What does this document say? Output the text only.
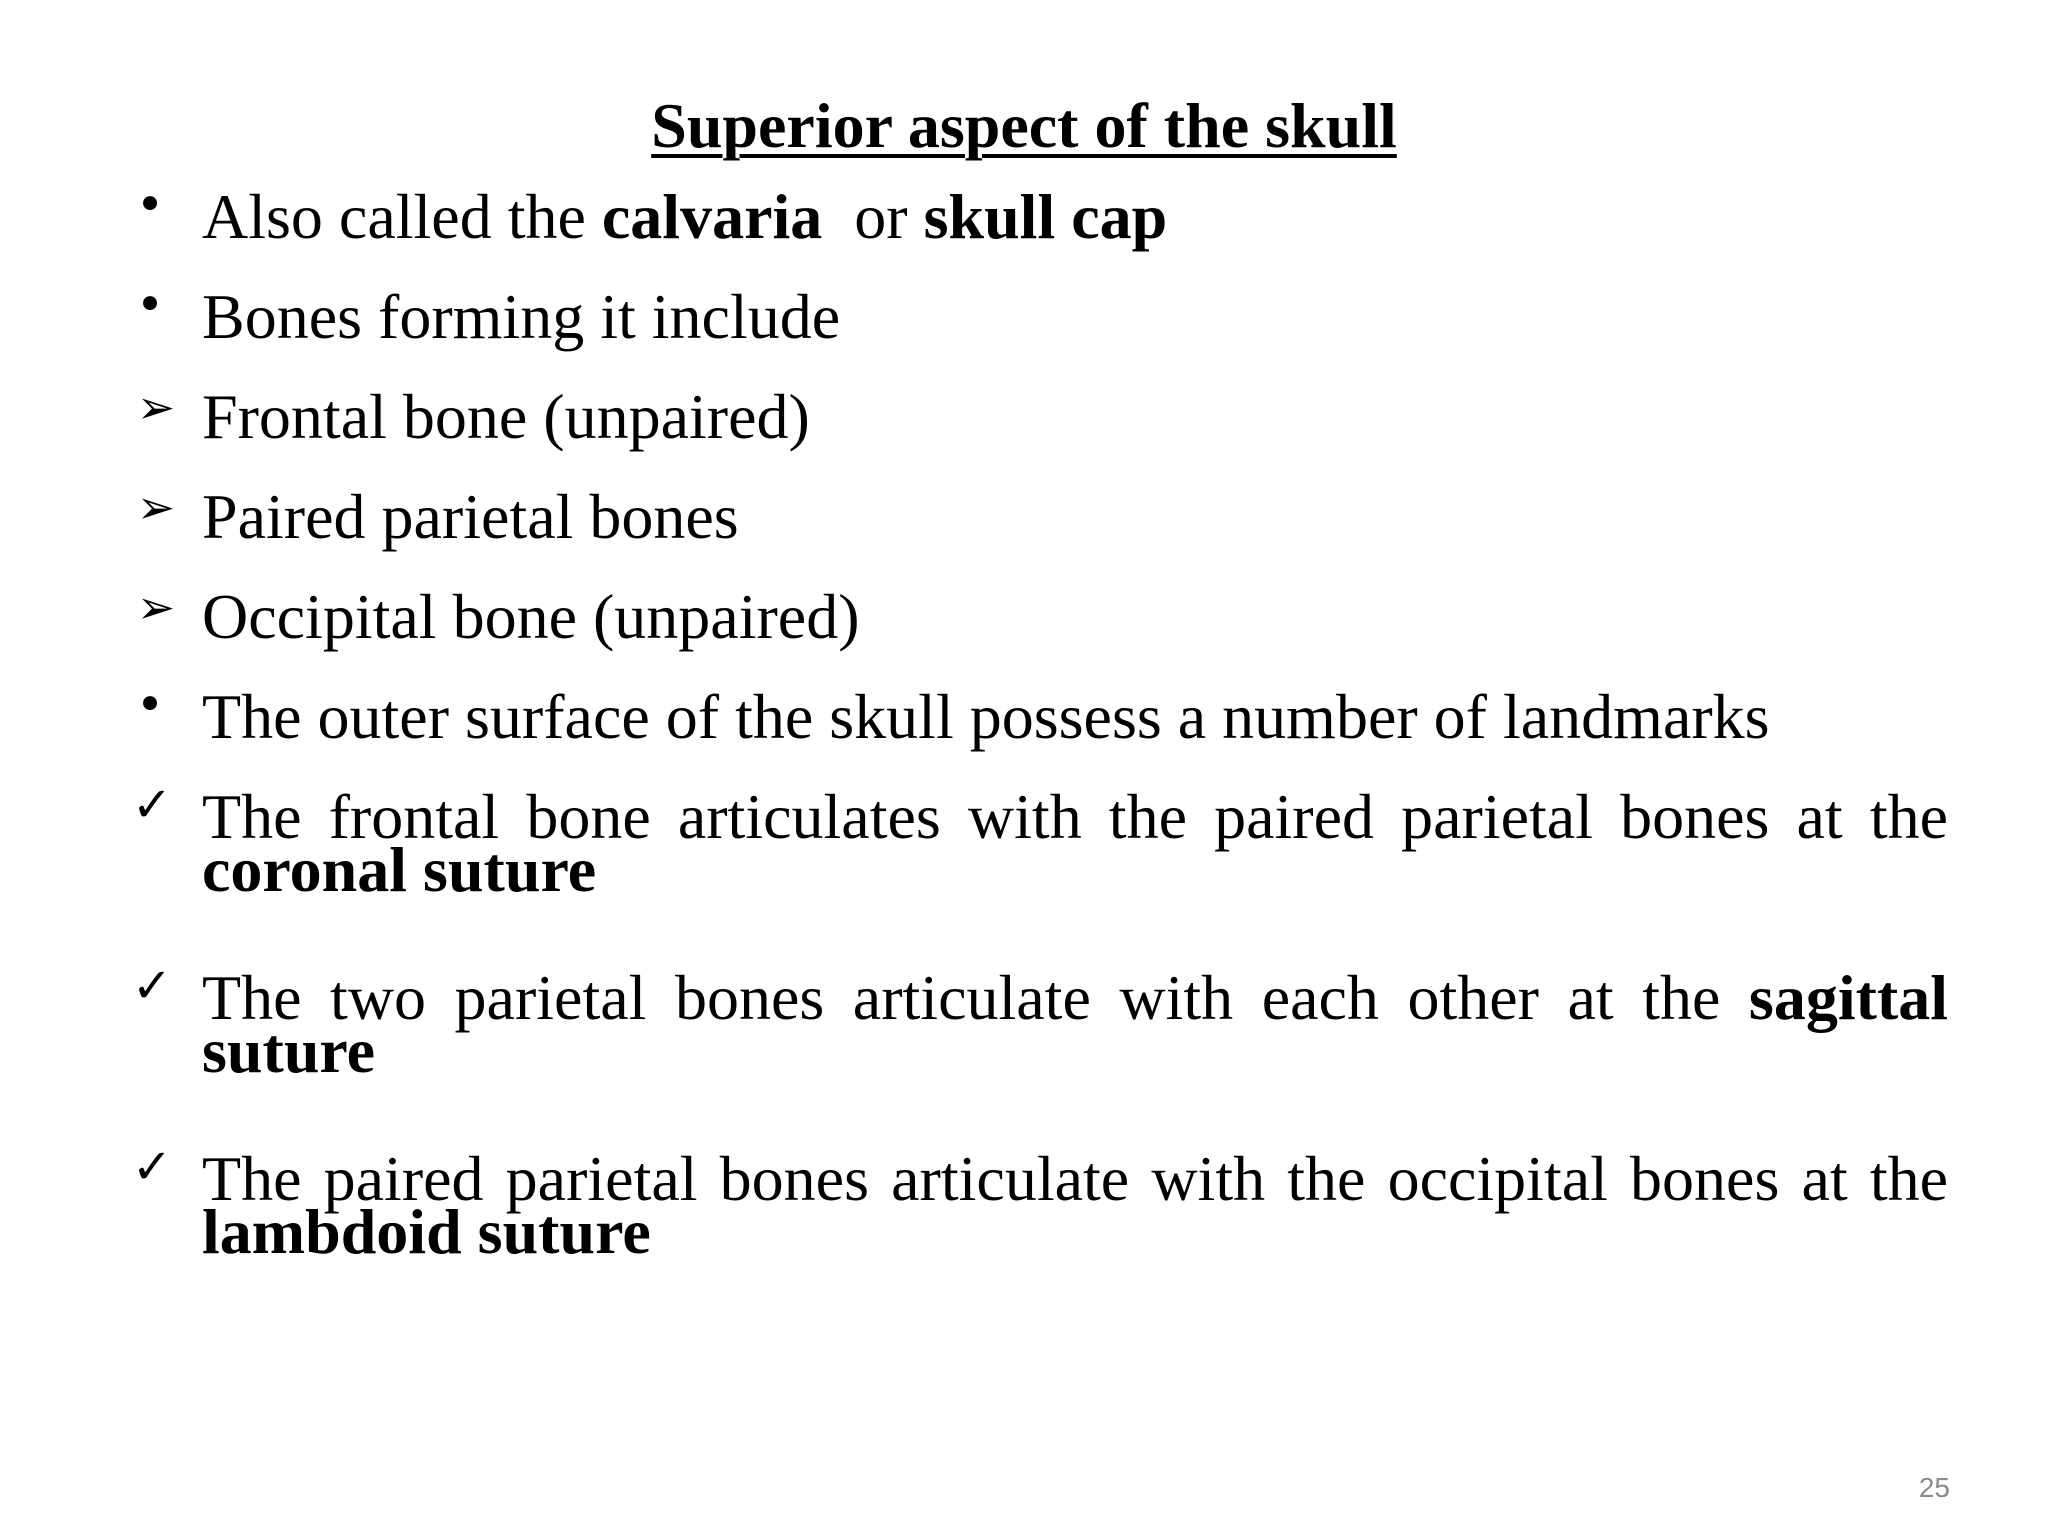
Superior aspect of the skull
• Also called the calvaria  or skull cap
• Bones forming it include
➢ Frontal bone (unpaired)
➢ Paired parietal bones
➢ Occipital bone (unpaired)
• The outer surface of the skull possess a number of landmarks
✓ The frontal bone articulates with the paired parietal bones at the coronal suture
✓ The two parietal bones articulate with each other at the sagittal suture
✓ The paired parietal bones articulate with the occipital bones at the lambdoid suture
25
